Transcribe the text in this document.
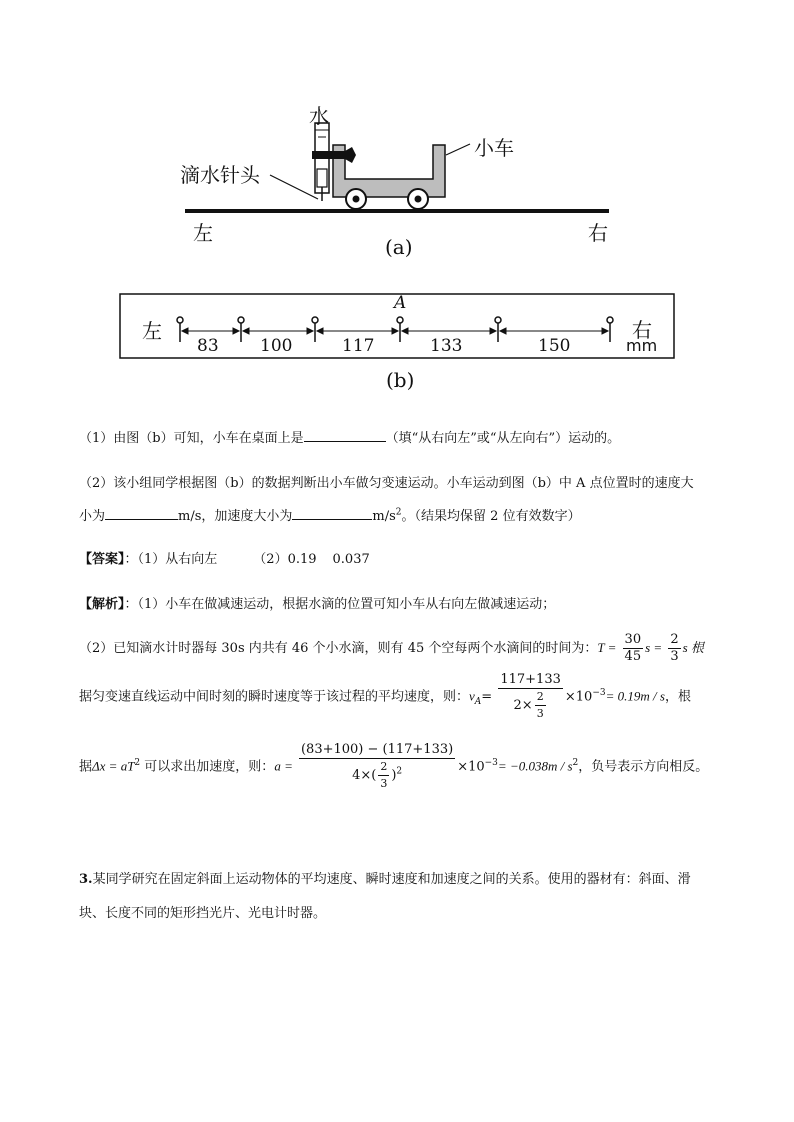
水
滴水针头
小车
左	右
(a)
左	右
mm
A
83 100	117	133	150
(b)
（1）由图（b）可知，小车在桌面上是	（填“从右向左”或“从左向右”）运动的。
（2）该小组同学根据图（b）的数据判断出小车做匀变速运动。小车运动到图（b）中 A 点位置时的速度大
小为	m/s，加速度大小为	$m/s^2$。（结果均保留 2 位有效数字）
【答案】：（1）从右向左	（2）0.19 0.037
【解析】：（1）小车在做减速运动，根据水滴的位置可知小车从右向左做减速运动；
（2）已知滴水计时器每 30s 内共有 46 个小水滴，则有 45 个空每两个水滴间的时间为：$T = \frac{30}{45}$ $s = \frac{2}{3}$ s 根
据匀变速直线运动中间时刻的瞬时速度等于该过程的平均速度，则：$v_A= \frac{117+133}{2\times \frac{2}{3}} \times 10^{-3}= 0.19m / s$，根
据$\Delta x = aT^2$ 可以求出加速度，则：$a = \frac{(83+100) - (117+133)}{4\times( \frac{2}{3} )^2} \times 10^{-3}= -0.038m / s^2$，负号表示方向相反。
3.某同学研究在固定斜面上运动物体的平均速度、瞬时速度和加速度之间的关系。使用的器材有：斜面、滑
块、长度不同的矩形挡光片、光电计时器。
